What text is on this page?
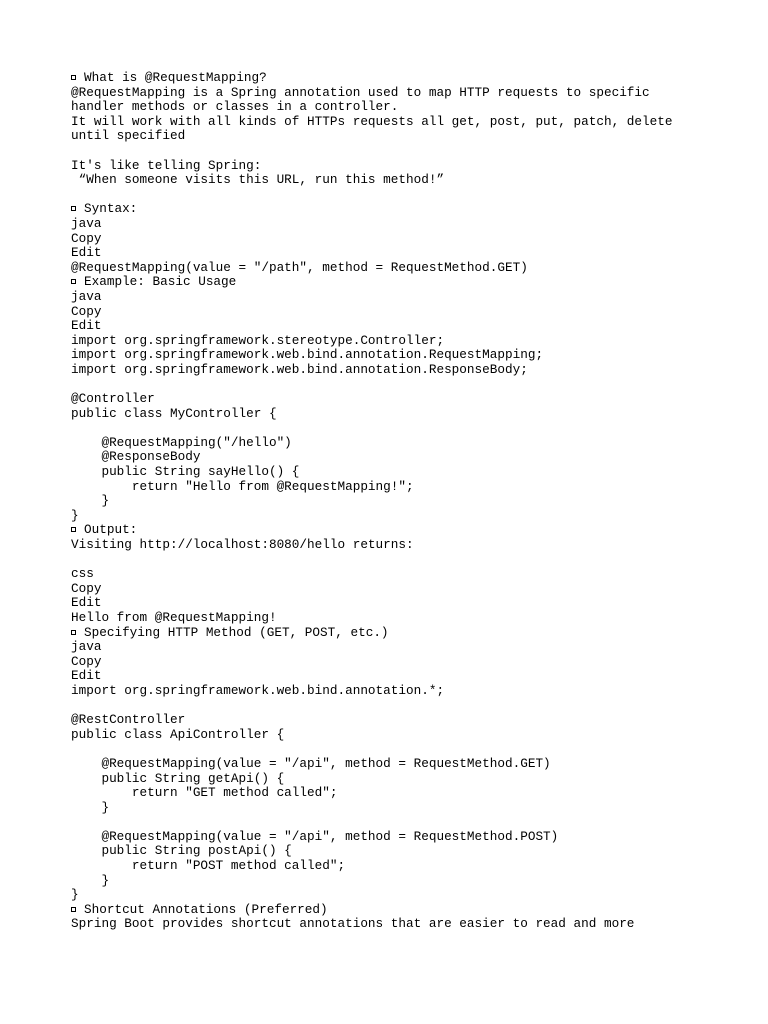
What is @RequestMapping?
@RequestMapping is a Spring annotation used to map HTTP requests to specific
handler methods or classes in a controller.
It will work with all kinds of HTTPs requests all get, post, put, patch, delete
until specified
It's like telling Spring:
“When someone visits this URL, run this method!”
Syntax:
java
Copy
Edit
@RequestMapping(value = "/path", method = RequestMethod.GET)
Example: Basic Usage
java
Copy
Edit
import org.springframework.stereotype.Controller;
import org.springframework.web.bind.annotation.RequestMapping;
import org.springframework.web.bind.annotation.ResponseBody;
@Controller
public class MyController {
@RequestMapping("/hello")
@ResponseBody
public String sayHello() {
return "Hello from @RequestMapping!";
}
}
Output:
Visiting http://localhost:8080/hello returns:
css
Copy
Edit
Hello from @RequestMapping!
Specifying HTTP Method (GET, POST, etc.)
java
Copy
Edit
import org.springframework.web.bind.annotation.*;
@RestController
public class ApiController {
@RequestMapping(value = "/api", method = RequestMethod.GET)
public String getApi() {
return "GET method called";
}
@RequestMapping(value = "/api", method = RequestMethod.POST)
public String postApi() {
return "POST method called";
}
}
Shortcut Annotations (Preferred)
Spring Boot provides shortcut annotations that are easier to read and more
